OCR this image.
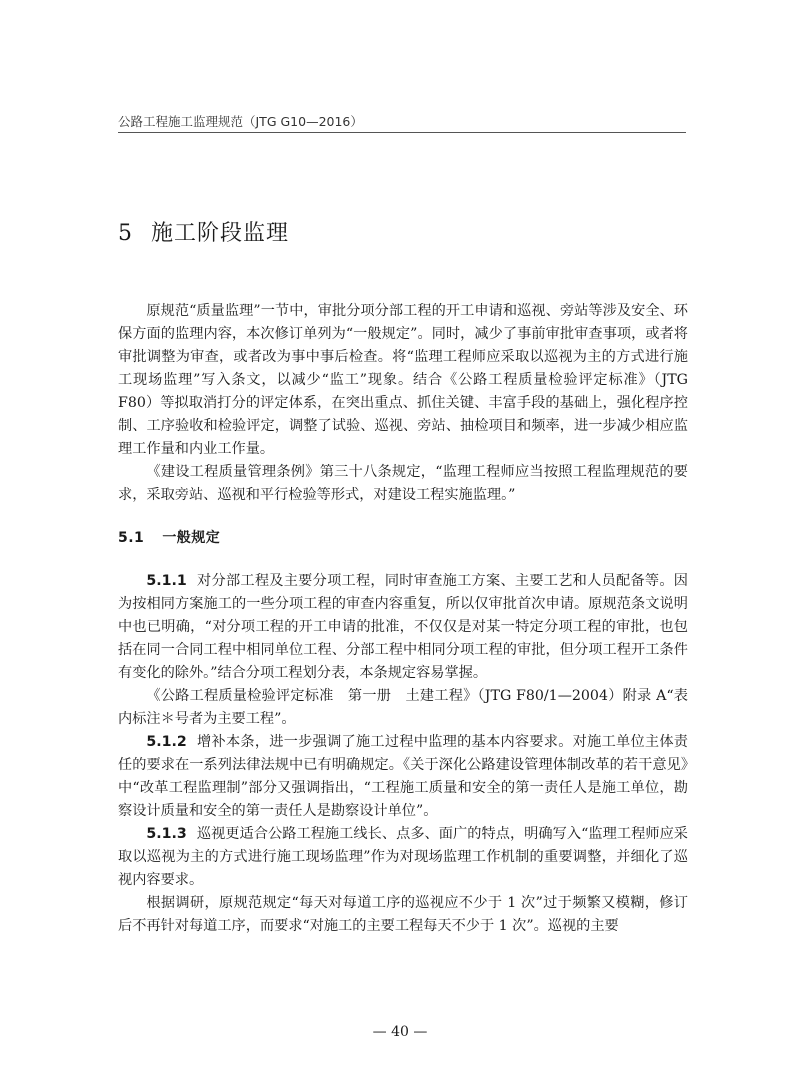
公路工程施工监理规范（JTG G10—2016）
5 施工阶段监理

原规范“质量监理”一节中，审批分项分部工程的开工申请和巡视、旁站等涉及安全、环保方面的监理内容，本次修订单列为“一般规定”。同时，减少了事前审批审查事项，或者将审批调整为审查，或者改为事中事后检查。将“监理工程师应采取以巡视为主的方式进行施工现场监理”写入条文，以减少“监工”现象。结合《公路工程质量检验评定标准》（JTG F80）等拟取消打分的评定体系，在突出重点、抓住关键、丰富手段的基础上，强化程序控制、工序验收和检验评定，调整了试验、巡视、旁站、抽检项目和频率，进一步减少相应监理工作量和内业工作量。

《建设工程质量管理条例》第三十八条规定，“监理工程师应当按照工程监理规范的要求，采取旁站、巡视和平行检验等形式，对建设工程实施监理。”

5.1 一般规定

5.1.1 对分部工程及主要分项工程，同时审查施工方案、主要工艺和人员配备等。因为按相同方案施工的一些分项工程的审查内容重复，所以仅审批首次申请。原规范条文说明中也已明确，“对分项工程的开工申请的批准，不仅仅是对某一特定分项工程的审批，也包括在同一合同工程中相同单位工程、分部工程中相同分项工程的审批，但分项工程开工条件有变化的除外。”结合分项工程划分表，本条规定容易掌握。

《公路工程质量检验评定标准　第一册　土建工程》（JTG F80/1—2004）附录 A“表内标注＊号者为主要工程”。

5.1.2 增补本条，进一步强调了施工过程中监理的基本内容要求。对施工单位主体责任的要求在一系列法律法规中已有明确规定。《关于深化公路建设管理体制改革的若干意见》中“改革工程监理制”部分又强调指出，“工程施工质量和安全的第一责任人是施工单位，勘察设计质量和安全的第一责任人是勘察设计单位”。

5.1.3 巡视更适合公路工程施工线长、点多、面广的特点，明确写入“监理工程师应采取以巡视为主的方式进行施工现场监理”作为对现场监理工作机制的重要调整，并细化了巡视内容要求。

根据调研，原规范规定“每天对每道工序的巡视应不少于 1 次”过于频繁又模糊，修订后不再针对每道工序，而要求“对施工的主要工程每天不少于 1 次”。巡视的主要

— 40 —
